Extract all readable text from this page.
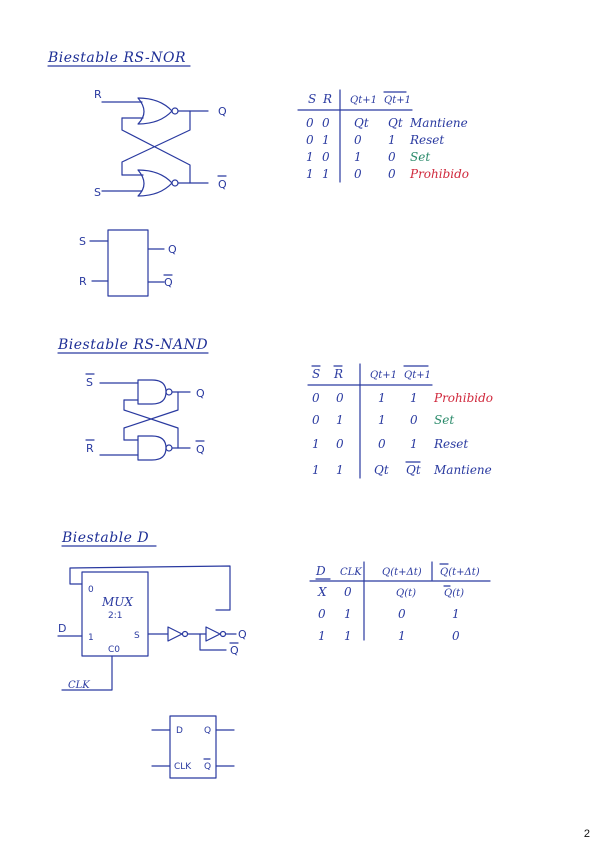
Biestable RS-NOR
R
S
Q
Q
S
R
Q
Q
S R Qt+1 Qt+1
0 0 Qt Qt Mantiene
0 1 0 1 Reset
1 0 1 0 Set
1 1 0 0 Prohibido
Biestable RS-NAND
S
R
Q
Q
S R	Qt+1 Qt+1
0 0	1 1 Prohibido
0 1	1 0 Set
1 0	0 1 Reset
1 1	Qt Qt Mantiene
Biestable D
MUX
2:1
0
1
C0
S
D	Q
Q
CLK
D Q
CLK Q
D CLK Q(t+Δt) Q(t+Δt)
X 0	Q(t)	Q(t)
0 1	0	1
1 1	1	0
2
